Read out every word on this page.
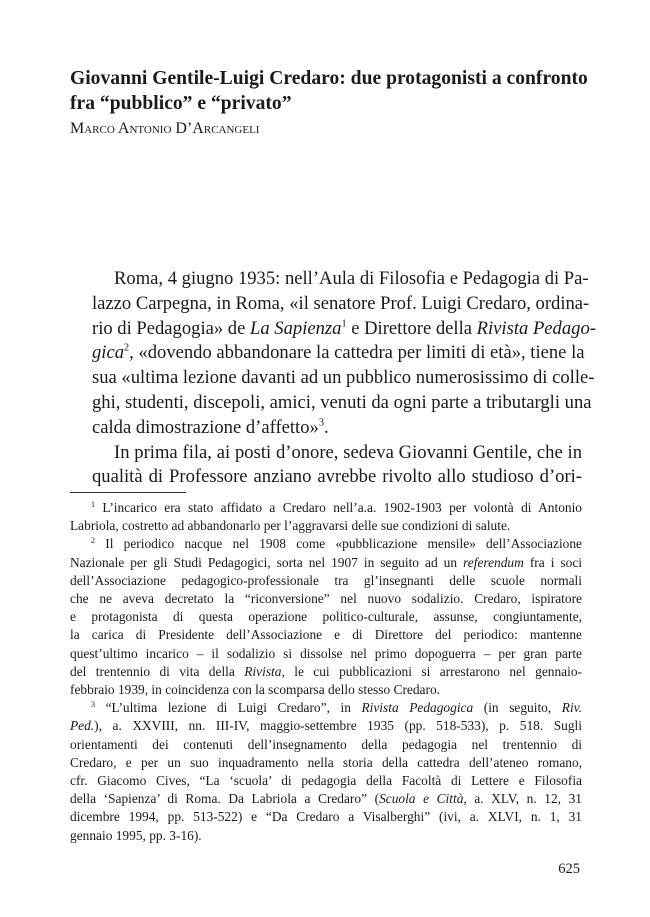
Giovanni Gentile-Luigi Credaro: due protagonisti a confronto
fra “pubblico” e “privato”

Marco Antonio D’Arcangeli

Roma, 4 giugno 1935: nell’Aula di Filosofia e Pedagogia di Pa-
lazzo Carpegna, in Roma, «il senatore Prof. Luigi Credaro, ordina-
rio di Pedagogia» de La Sapienza$^1$ e Direttore della Rivista Pedago-
gica$^2$, «dovendo abbandonare la cattedra per limiti di età», tiene la
sua «ultima lezione davanti ad un pubblico numerosissimo di colle-
ghi, studenti, discepoli, amici, venuti da ogni parte a tributargli una
calda dimostrazione d’affetto»$^3$.

In prima fila, ai posti d’onore, sedeva Giovanni Gentile, che in
qualità di Professore anziano avrebbe rivolto allo studioso d’ori-

$^1$ L’incarico era stato affidato a Credaro nell’a.a. 1902-1903 per volontà di Antonio
Labriola, costretto ad abbandonarlo per l’aggravarsi delle sue condizioni di salute.
$^2$ Il periodico nacque nel 1908 come «pubblicazione mensile» dell’Associazione
Nazionale per gli Studi Pedagogici, sorta nel 1907 in seguito ad un referendum fra i soci
dell’Associazione pedagogico-professionale tra gl’insegnanti delle scuole normali
che ne aveva decretato la “riconversione” nel nuovo sodalizio. Credaro, ispiratore
e protagonista di questa operazione politico-culturale, assunse, congiuntamente,
la carica di Presidente dell’Associazione e di Direttore del periodico: mantenne
quest’ultimo incarico – il sodalizio si dissolse nel primo dopoguerra – per gran parte
del trentennio di vita della Rivista, le cui pubblicazioni si arrestarono nel gennaio-
febbraio 1939, in coincidenza con la scomparsa dello stesso Credaro.
$^3$ “L’ultima lezione di Luigi Credaro”, in Rivista Pedagogica (in seguito, Riv.
Ped.), a. XXVIII, nn. III-IV, maggio-settembre 1935 (pp. 518-533), p. 518. Sugli
orientamenti dei contenuti dell’insegnamento della pedagogia nel trentennio di
Credaro, e per un suo inquadramento nella storia della cattedra dell’ateneo romano,
cfr. Giacomo Cives, “La ‘scuola’ di pedagogia della Facoltà di Lettere e Filosofia
della ‘Sapienza’ di Roma. Da Labriola a Credaro” (Scuola e Città, a. XLV, n. 12, 31
dicembre 1994, pp. 513-522) e “Da Credaro a Visalberghi” (ivi, a. XLVI, n. 1, 31
gennaio 1995, pp. 3-16).
625
